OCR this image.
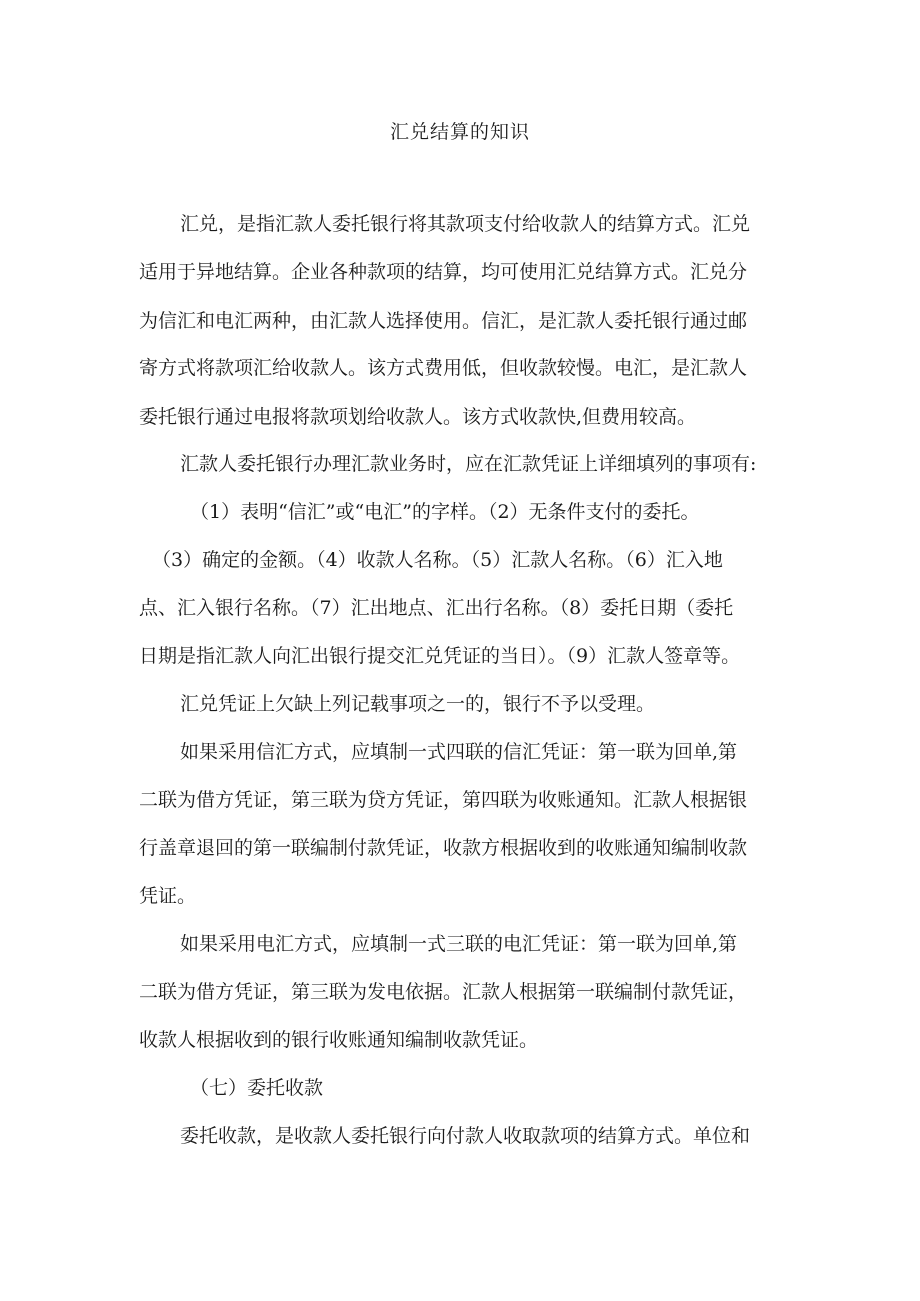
汇兑结算的知识
汇兑，是指汇款人委托银行将其款项支付给收款人的结算方式。汇兑
适用于异地结算。企业各种款项的结算，均可使用汇兑结算方式。汇兑分
为信汇和电汇两种，由汇款人选择使用。信汇，是汇款人委托银行通过邮
寄方式将款项汇给收款人。该方式费用低，但收款较慢。电汇，是汇款人
委托银行通过电报将款项划给收款人。该方式收款快,但费用较高。
汇款人委托银行办理汇款业务时，应在汇款凭证上详细填列的事项有:
（1）表明“信汇”或“电汇”的字样。（2）无条件支付的委托。
（3）确定的金额。（4）收款人名称。（5）汇款人名称。（6）汇入地
点、汇入银行名称。（7）汇出地点、汇出行名称。（8）委托日期（委托
日期是指汇款人向汇出银行提交汇兑凭证的当日）。（9）汇款人签章等。
汇兑凭证上欠缺上列记载事项之一的，银行不予以受理。
如果采用信汇方式，应填制一式四联的信汇凭证：第一联为回单,第
二联为借方凭证，第三联为贷方凭证，第四联为收账通知。汇款人根据银
行盖章退回的第一联编制付款凭证，收款方根据收到的收账通知编制收款
凭证。
如果采用电汇方式，应填制一式三联的电汇凭证：第一联为回单,第
二联为借方凭证，第三联为发电依据。汇款人根据第一联编制付款凭证，
收款人根据收到的银行收账通知编制收款凭证。
（七）委托收款
委托收款，是收款人委托银行向付款人收取款项的结算方式。单位和
